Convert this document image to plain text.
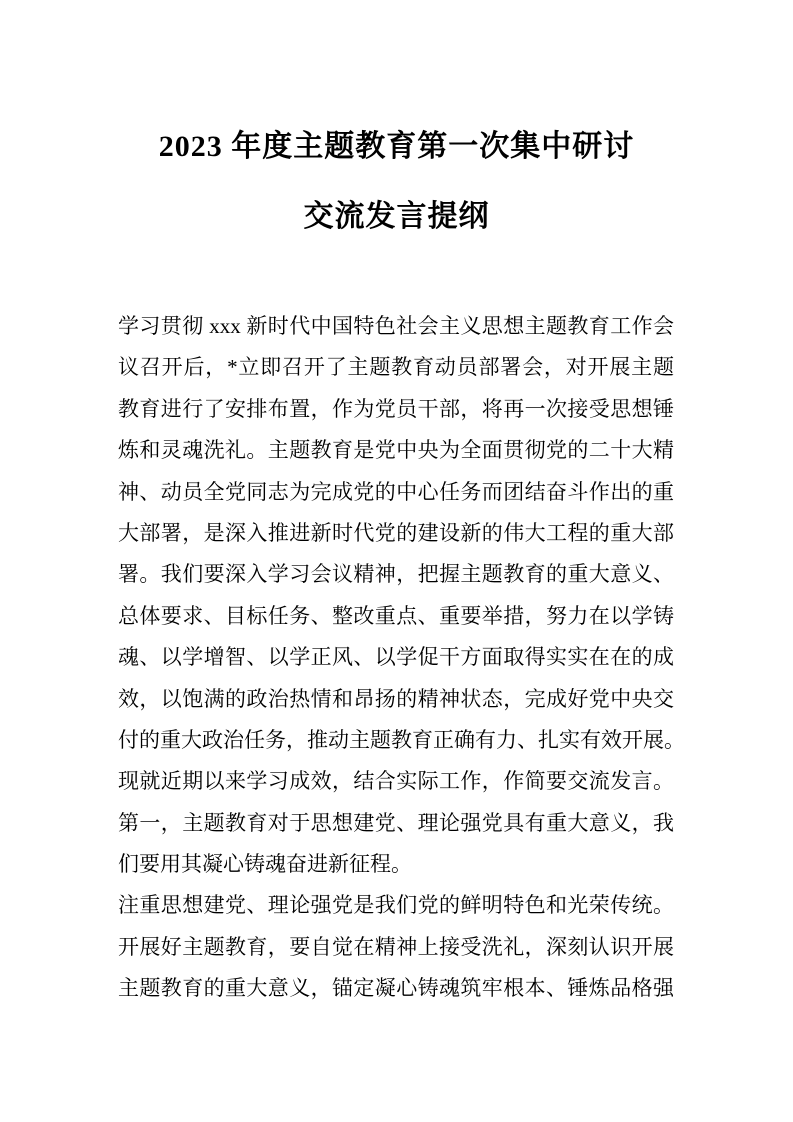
2023 年度主题教育第一次集中研讨
交流发言提纲
学习贯彻 xxx 新时代中国特色社会主义思想主题教育工作会
议召开后，*立即召开了主题教育动员部署会，对开展主题
教育进行了安排布置，作为党员干部，将再一次接受思想锤
炼和灵魂洗礼。主题教育是党中央为全面贯彻党的二十大精
神、动员全党同志为完成党的中心任务而团结奋斗作出的重
大部署，是深入推进新时代党的建设新的伟大工程的重大部
署。我们要深入学习会议精神，把握主题教育的重大意义、
总体要求、目标任务、整改重点、重要举措，努力在以学铸
魂、以学增智、以学正风、以学促干方面取得实实在在的成
效，以饱满的政治热情和昂扬的精神状态，完成好党中央交
付的重大政治任务，推动主题教育正确有力、扎实有效开展。
现就近期以来学习成效，结合实际工作，作简要交流发言。
第一，主题教育对于思想建党、理论强党具有重大意义，我
们要用其凝心铸魂奋进新征程。
注重思想建党、理论强党是我们党的鲜明特色和光荣传统。
开展好主题教育，要自觉在精神上接受洗礼，深刻认识开展
主题教育的重大意义，锚定凝心铸魂筑牢根本、锤炼品格强
